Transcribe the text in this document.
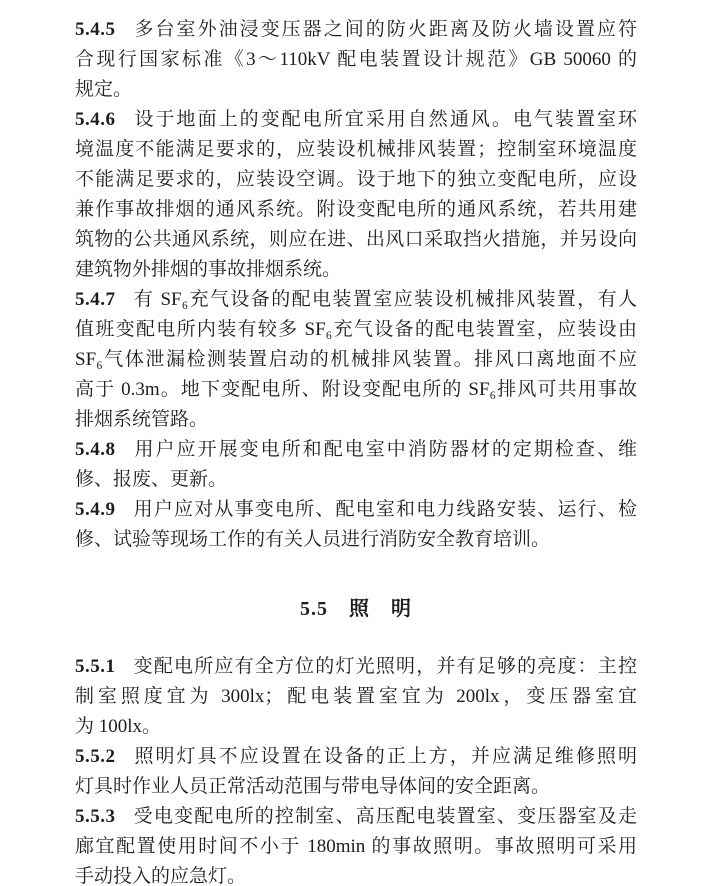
5.4.5 多台室外油浸变压器之间的防火距离及防火墙设置应符
合现行国家标准《3～110kV 配电装置设计规范》GB 50060 的
规定。
5.4.6 设于地面上的变配电所宜采用自然通风。电气装置室环
境温度不能满足要求的，应装设机械排风装置；控制室环境温度
不能满足要求的，应装设空调。设于地下的独立变配电所，应设
兼作事故排烟的通风系统。附设变配电所的通风系统，若共用建
筑物的公共通风系统，则应在进、出风口采取挡火措施，并另设向
建筑物外排烟的事故排烟系统。
5.4.7 有 SF₆充气设备的配电装置室应装设机械排风装置，有人
值班变配电所内装有较多 SF₆充气设备的配电装置室，应装设由
SF₆气体泄漏检测装置启动的机械排风装置。排风口离地面不应
高于 0.3m。地下变配电所、附设变配电所的 SF₆排风可共用事故
排烟系统管路。
5.4.8 用户应开展变电所和配电室中消防器材的定期检查、维
修、报废、更新。
5.4.9 用户应对从事变电所、配电室和电力线路安装、运行、检
修、试验等现场工作的有关人员进行消防安全教育培训。
5.5　照　明
5.5.1 变配电所应有全方位的灯光照明，并有足够的亮度：主控
制室照度宜为 300lx；配电装置室宜为 200lx，变压器室宜
为 100lx。
5.5.2 照明灯具不应设置在设备的正上方，并应满足维修照明
灯具时作业人员正常活动范围与带电导体间的安全距离。
5.5.3 受电变配电所的控制室、高压配电装置室、变压器室及走
廊宜配置使用时间不小于 180min 的事故照明。事故照明可采用
手动投入的应急灯。
